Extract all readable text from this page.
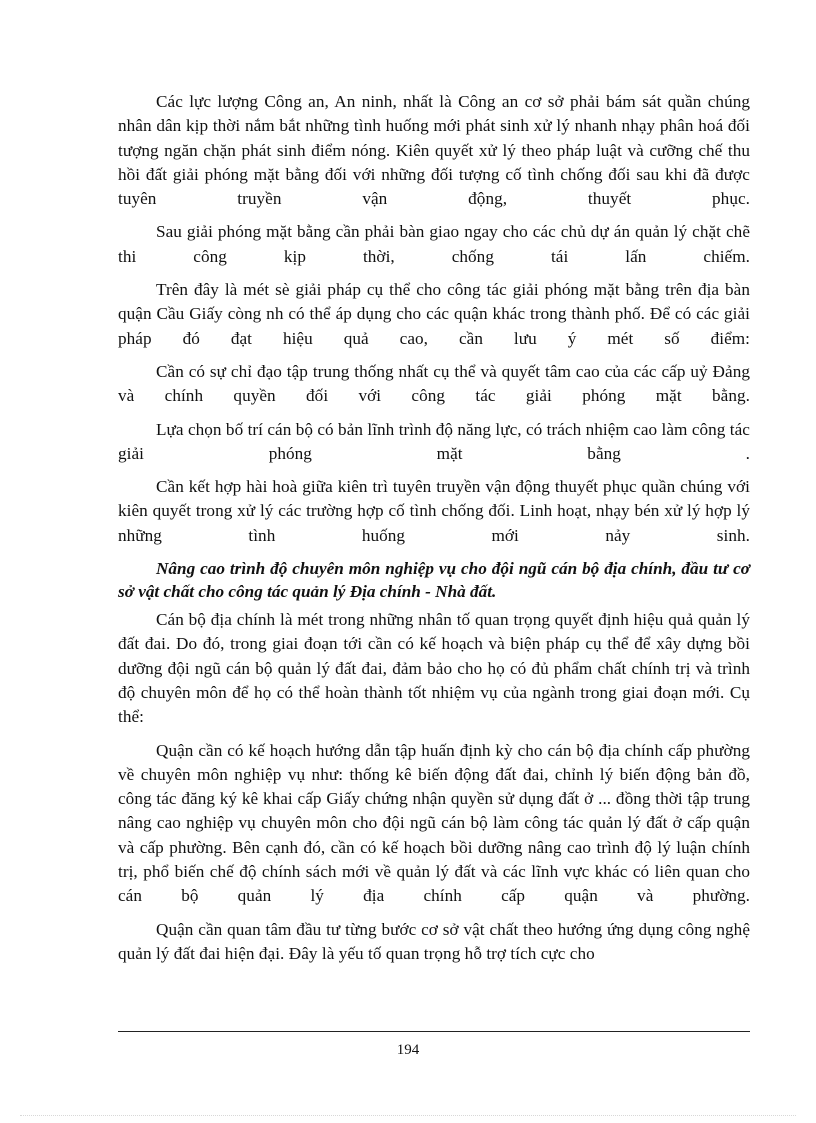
Các lực lượng Công an, An ninh, nhất là Công an cơ sở phải bám sát quần chúng nhân dân kịp thời nắm bắt những tình huống mới phát sinh xử lý nhanh nhạy phân hoá đối tượng ngăn chặn phát sinh điểm nóng. Kiên quyết xử lý theo pháp luật và cưỡng chế thu hồi đất giải phóng mặt bằng đối với những đối tượng cố tình chống đối sau khi đã được tuyên truyền vận động, thuyết phục.

Sau giải phóng mặt bằng cần phải bàn giao ngay cho các chủ dự án quản lý chặt chẽ thi công kịp thời, chống tái lấn chiếm.

Trên đây là mét sè giải pháp cụ thể cho công tác giải phóng mặt bằng trên địa bàn quận Cầu Giấy còng nh có thể áp dụng cho các quận khác trong thành phố. Để có các giải pháp đó đạt hiệu quả cao, cần lưu ý mét số điểm:

Cần có sự chỉ đạo tập trung thống nhất cụ thể và quyết tâm cao của các cấp uỷ Đảng và chính quyền đối với công tác giải phóng mặt bằng.

Lựa chọn bố trí cán bộ có bản lĩnh trình độ năng lực, có trách nhiệm cao làm công tác giải phóng mặt bằng .

Cần kết hợp hài hoà giữa kiên trì tuyên truyền vận động thuyết phục quần chúng với kiên quyết trong xử lý các trường hợp cố tình chống đối. Linh hoạt, nhạy bén xử lý hợp lý những tình huống mới nảy sinh.

Nâng cao trình độ chuyên môn nghiệp vụ cho đội ngũ cán bộ địa chính, đầu tư cơ sở vật chất cho công tác quản lý Địa chính - Nhà đất.

Cán bộ địa chính là mét trong những nhân tố quan trọng quyết định hiệu quả quản lý đất đai. Do đó, trong giai đoạn tới cần có kế hoạch và biện pháp cụ thể để xây dựng bồi dưỡng đội ngũ cán bộ quản lý đất đai, đảm bảo cho họ có đủ phẩm chất chính trị và trình độ chuyên môn để họ có thể hoàn thành tốt nhiệm vụ của ngành trong giai đoạn mới. Cụ thể:

Quận cần có kế hoạch hướng dẫn tập huấn định kỳ cho cán bộ địa chính cấp phường về chuyên môn nghiệp vụ như: thống kê biến động đất đai, chỉnh lý biến động bản đồ, công tác đăng ký kê khai cấp Giấy chứng nhận quyền sử dụng đất ở ... đồng thời tập trung nâng cao nghiệp vụ chuyên môn cho đội ngũ cán bộ làm công tác quản lý đất ở cấp quận và cấp phường. Bên cạnh đó, cần có kế hoạch bồi dưỡng nâng cao trình độ lý luận chính trị, phổ biến chế độ chính sách mới về quản lý đất và các lĩnh vực khác có liên quan cho cán bộ quản lý địa chính cấp quận và phường.

Quận cần quan tâm đầu tư từng bước cơ sở vật chất theo hướng ứng dụng công nghệ quản lý đất đai hiện đại. Đây là yếu tố quan trọng hỗ trợ tích cực cho

194
